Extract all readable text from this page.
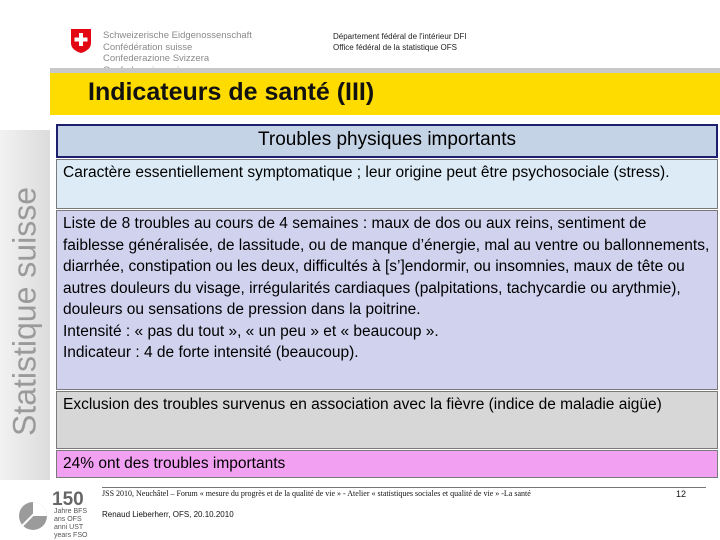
Schweizerische Eidgenossenschaft
Confédération suisse
Confederazione Svizzera
Département fédéral de l'intérieur DFI
Office fédéral de la statistique OFS
Indicateurs de santé (III)
Statistique suisse
Troubles physiques importants
Caractère essentiellement symptomatique ; leur origine peut être psychosociale (stress).
Liste de 8 troubles au cours de 4 semaines : maux de dos ou aux reins, sentiment de faiblesse généralisée, de lassitude, ou de manque d’énergie, mal au ventre ou ballonnements, diarrhée, constipation ou les deux, difficultés à [s’]endormir, ou insomnies, maux de tête ou autres douleurs du visage, irrégularités cardiaques (palpitations, tachycardie ou arythmie), douleurs ou sensations de pression dans la poitrine.
Intensité : « pas du tout », « un peu » et « beaucoup ».
Indicateur : 4 de forte intensité (beaucoup).
Exclusion des troubles survenus en association avec la fièvre (indice de maladie aigüe)
24% ont des troubles importants
150
Jahre BFS
ans OFS
anni UST
years FSO
JSS 2010, Neuchâtel – Forum « mesure du progrès et de la qualité de vie » - Atelier « statistiques sociales et qualité de vie » -La santé
Renaud Lieberherr, OFS, 20.10.2010
12
